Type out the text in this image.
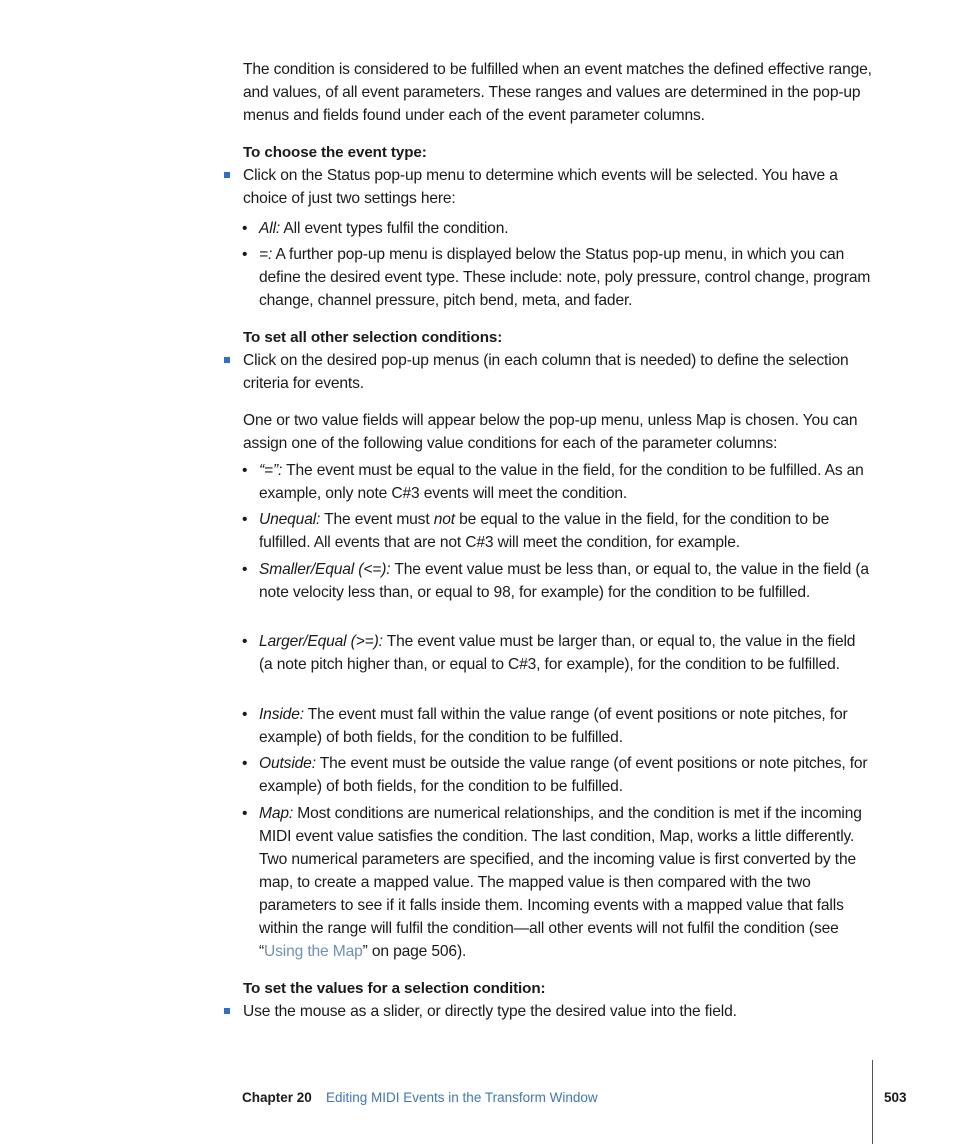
The condition is considered to be fulfilled when an event matches the defined effective range, and values, of all event parameters. These ranges and values are determined in the pop-up menus and fields found under each of the event parameter columns.

To choose the event type:

Click on the Status pop-up menu to determine which events will be selected. You have a choice of just two settings here:
• All: All event types fulfil the condition.
• =: A further pop-up menu is displayed below the Status pop-up menu, in which you can define the desired event type. These include: note, poly pressure, control change, program change, channel pressure, pitch bend, meta, and fader.

To set all other selection conditions:

Click on the desired pop-up menus (in each column that is needed) to define the selection criteria for events.

One or two value fields will appear below the pop-up menu, unless Map is chosen. You can assign one of the following value conditions for each of the parameter columns:

• “=”: The event must be equal to the value in the field, for the condition to be fulfilled. As an example, only note C#3 events will meet the condition.
• Unequal: The event must not be equal to the value in the field, for the condition to be fulfilled. All events that are not C#3 will meet the condition, for example.
• Smaller/Equal (<=): The event value must be less than, or equal to, the value in the field (a note velocity less than, or equal to 98, for example) for the condition to be fulfilled.
• Larger/Equal (>=): The event value must be larger than, or equal to, the value in the field (a note pitch higher than, or equal to C#3, for example), for the condition to be fulfilled.
• Inside: The event must fall within the value range (of event positions or note pitches, for example) of both fields, for the condition to be fulfilled.
• Outside: The event must be outside the value range (of event positions or note pitches, for example) of both fields, for the condition to be fulfilled.
• Map: Most conditions are numerical relationships, and the condition is met if the incoming MIDI event value satisfies the condition. The last condition, Map, works a little differently. Two numerical parameters are specified, and the incoming value is first converted by the map, to create a mapped value. The mapped value is then compared with the two parameters to see if it falls inside them. Incoming events with a mapped value that falls within the range will fulfil the condition—all other events will not fulfil the condition (see “Using the Map” on page 506).

To set the values for a selection condition:

Use the mouse as a slider, or directly type the desired value into the field.
Chapter 20 Editing MIDI Events in the Transform Window	503
